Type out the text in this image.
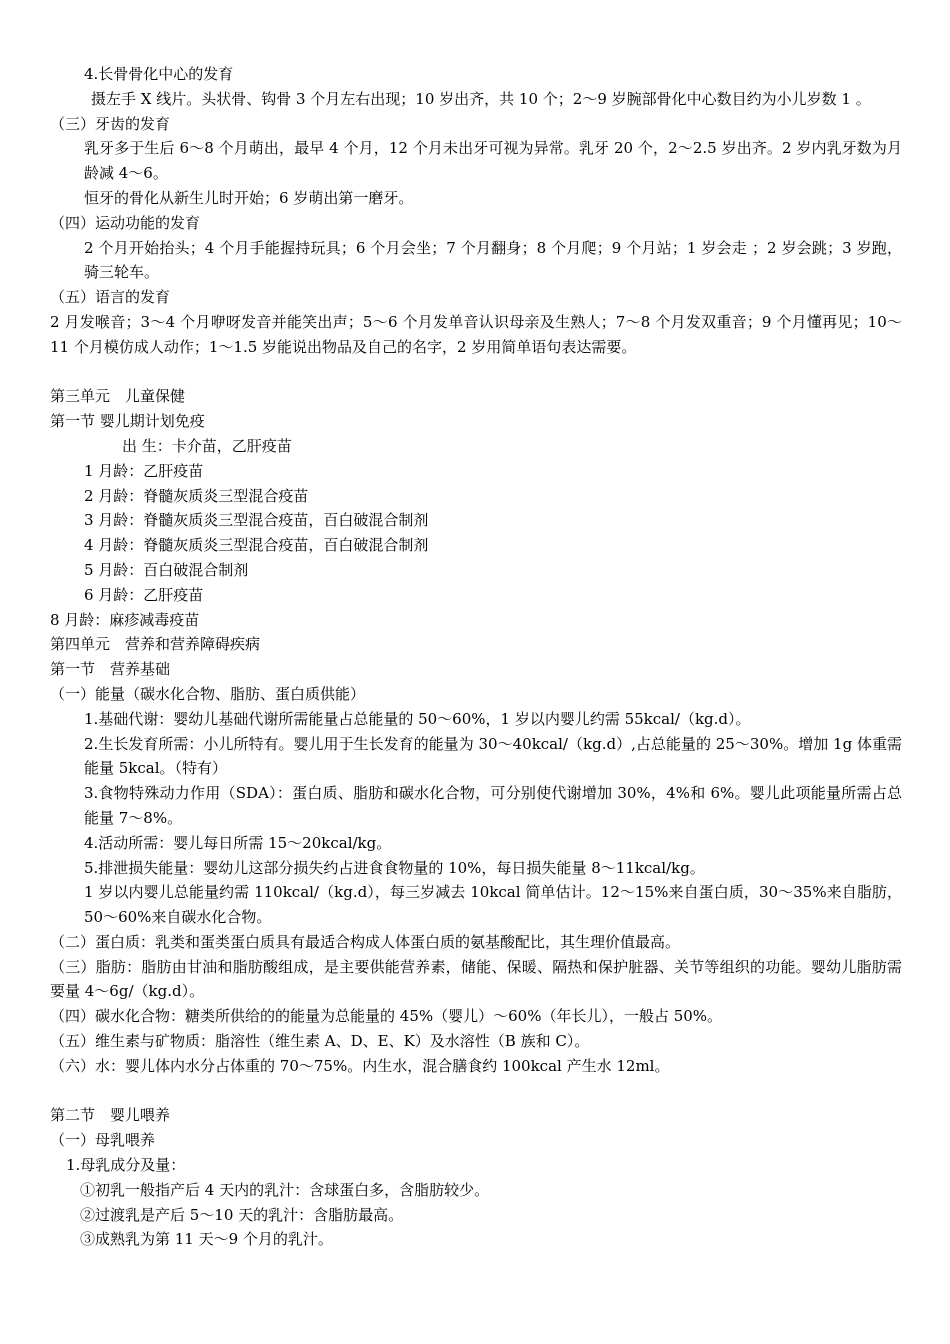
4.长骨骨化中心的发育

摄左手 X 线片。头状骨、钩骨 3 个月左右出现；10 岁出齐，共 10 个；2～9 岁腕部骨化中心数目约为小儿岁数 1 。

（三）牙齿的发育

乳牙多于生后 6～8 个月萌出，最早 4 个月，12 个月未出牙可视为异常。乳牙 20 个，2～2.5 岁出齐。2 岁内乳牙数为月龄减 4～6。

恒牙的骨化从新生儿时开始；6 岁萌出第一磨牙。

（四）运动功能的发育

2 个月开始抬头；4 个月手能握持玩具；6 个月会坐；7 个月翻身；8 个月爬；9 个月站；1 岁会走 ；2 岁会跳；3 岁跑，骑三轮车。

（五）语言的发育

2 月发喉音；3～4 个月咿呀发音并能笑出声；5～6 个月发单音认识母亲及生熟人；7～8 个月发双重音；9 个月懂再见；10～11 个月模仿成人动作；1～1.5 岁能说出物品及自己的名字，2 岁用简单语句表达需要。

第三单元　儿童保健

第一节 婴儿期计划免疫

出 生：卡介苗，乙肝疫苗

1 月龄：乙肝疫苗

2 月龄：脊髓灰质炎三型混合疫苗

3 月龄：脊髓灰质炎三型混合疫苗，百白破混合制剂

4 月龄：脊髓灰质炎三型混合疫苗，百白破混合制剂

5 月龄：百白破混合制剂

6 月龄：乙肝疫苗

8 月龄：麻疹减毒疫苗

第四单元　营养和营养障碍疾病

第一节　营养基础

（一）能量（碳水化合物、脂肪、蛋白质供能）

1.基础代谢：婴幼儿基础代谢所需能量占总能量的 50～60%，1 岁以内婴儿约需 55kcal/（kg.d）。

2.生长发育所需：小儿所特有。婴儿用于生长发育的能量为 30～40kcal/（kg.d）,占总能量的 25～30%。增加 1g 体重需能量 5kcal。（特有）

3.食物特殊动力作用（SDA）：蛋白质、脂肪和碳水化合物，可分别使代谢增加 30%，4%和 6%。婴儿此项能量所需占总能量 7～8%。

4.活动所需：婴儿每日所需 15～20kcal/kg。

5.排泄损失能量：婴幼儿这部分损失约占进食食物量的 10%，每日损失能量 8～11kcal/kg。

1 岁以内婴儿总能量约需 110kcal/（kg.d），每三岁减去 10kcal 简单估计。12～15%来自蛋白质，30～35%来自脂肪，50～60%来自碳水化合物。

（二）蛋白质：乳类和蛋类蛋白质具有最适合构成人体蛋白质的氨基酸配比，其生理价值最高。

（三）脂肪：脂肪由甘油和脂肪酸组成，是主要供能营养素，储能、保暖、隔热和保护脏器、关节等组织的功能。婴幼儿脂肪需要量 4～6g/（kg.d）。

（四）碳水化合物：糖类所供给的的能量为总能量的 45%（婴儿）～60%（年长儿），一般占 50%。

（五）维生素与矿物质：脂溶性（维生素 A、D、E、K）及水溶性（B 族和 C）。

（六）水：婴儿体内水分占体重的 70～75%。内生水，混合膳食约 100kcal 产生水 12ml。

第二节　婴儿喂养

（一）母乳喂养

1.母乳成分及量：

①初乳一般指产后 4 天内的乳汁：含球蛋白多，含脂肪较少。

②过渡乳是产后 5～10 天的乳汁：含脂肪最高。

③成熟乳为第 11 天～9 个月的乳汁。
